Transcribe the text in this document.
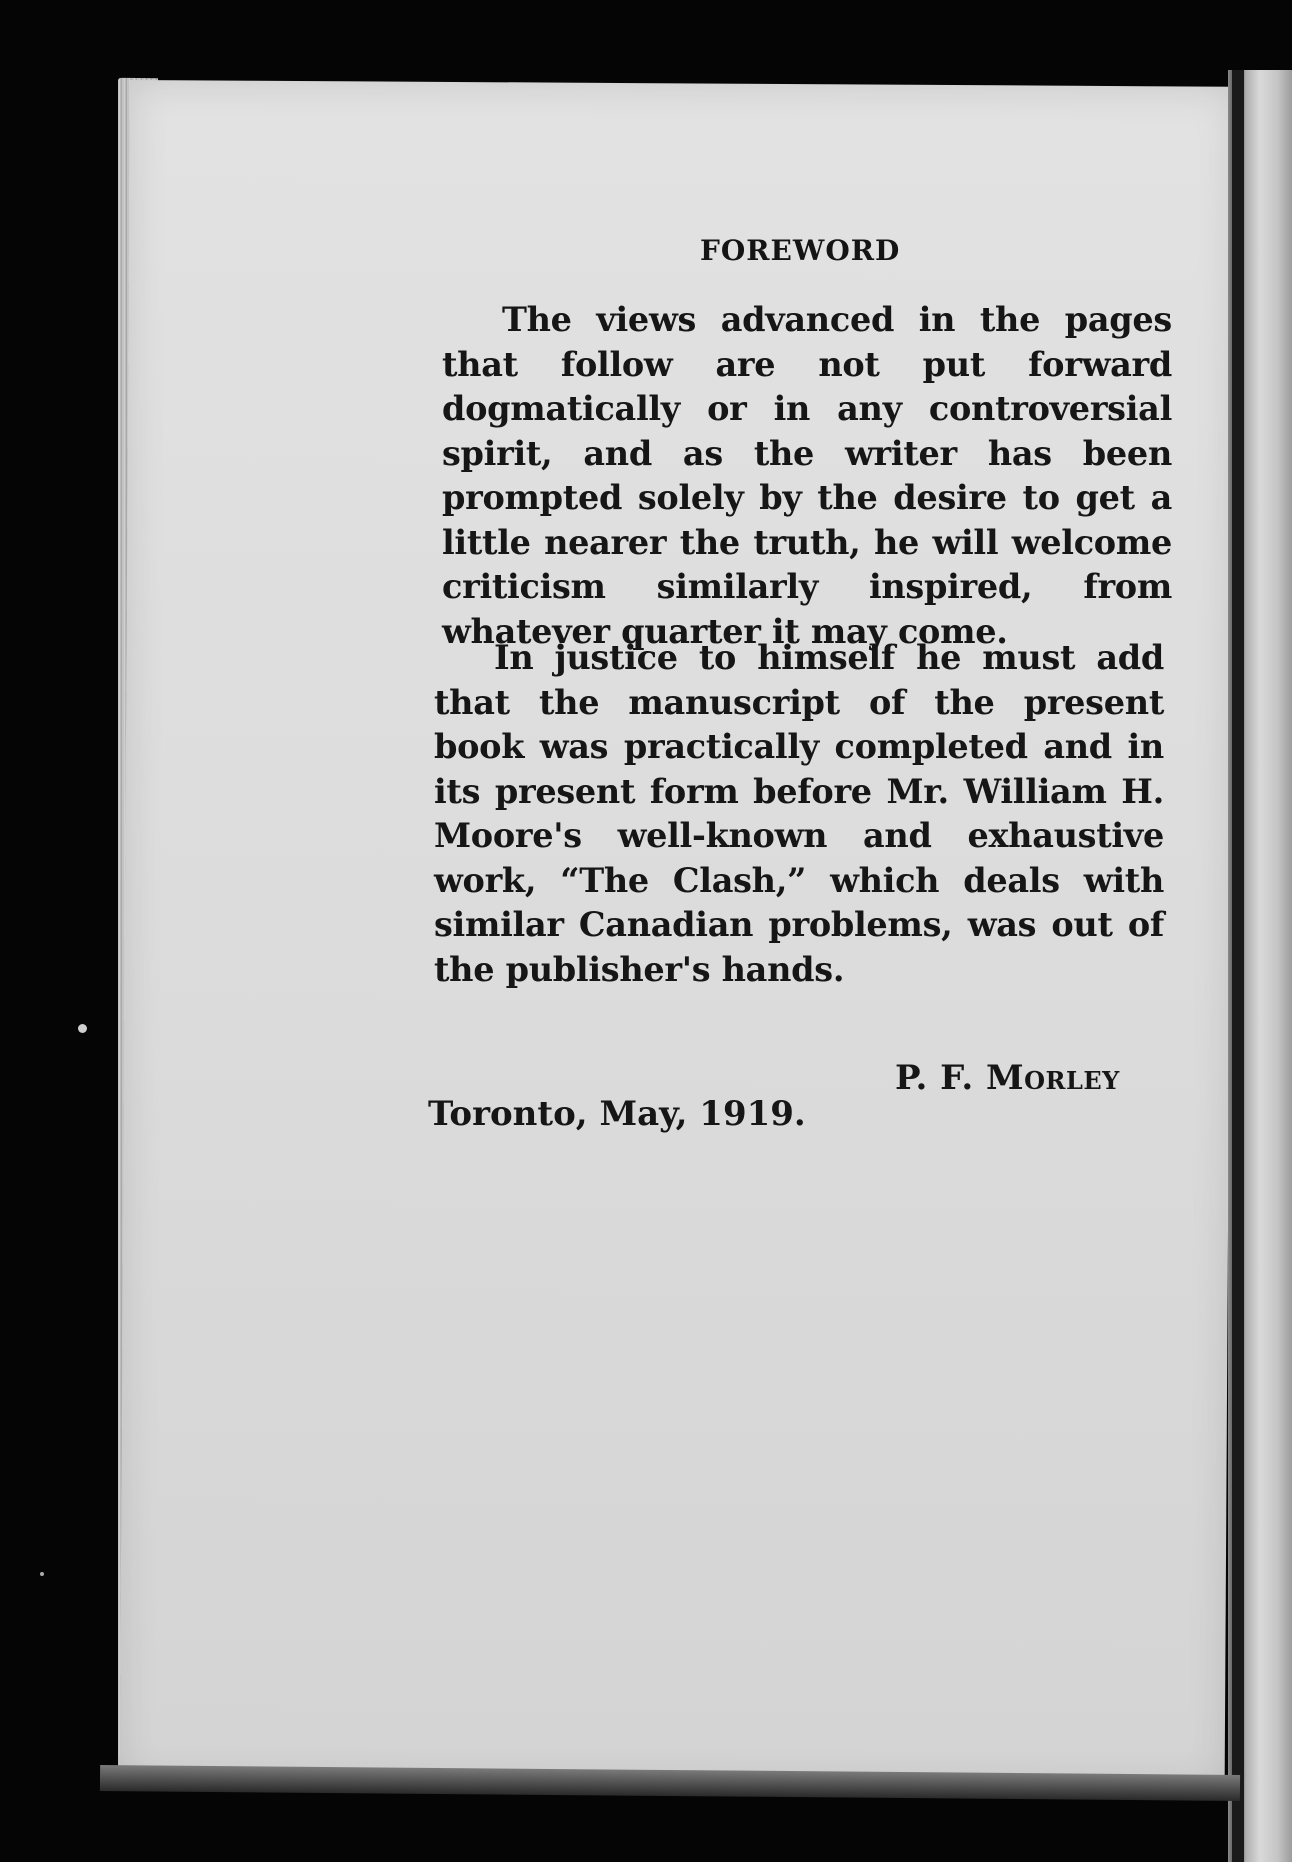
FOREWORD

The views advanced in the pages that follow are not put forward dogmatically or in any controversial spirit, and as the writer has been prompted solely by the desire to get a little nearer the truth, he will welcome criticism similarly inspired, from whatever quarter it may come.

In justice to himself he must add that the manuscript of the present book was practically completed and in its present form before Mr. William H. Moore's well-known and exhaustive work, “The Clash,” which deals with similar Canadian problems, was out of the publisher's hands.

P. F. Morley
Toronto, May, 1919.
